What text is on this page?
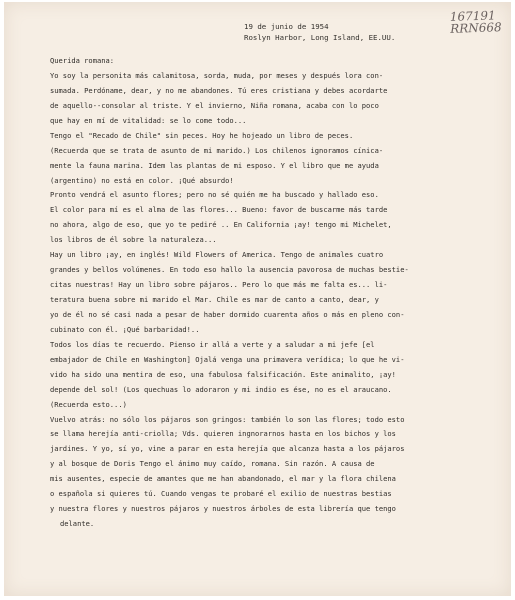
167191
RRN668
19 de junio de 1954
Roslyn Harbor, Long Island, EE.UU.
Querida romana:
Yo soy la personita más calamitosa, sorda, muda, por meses y después lora con-
sumada. Perdóname, dear, y no me abandones. Tú eres cristiana y debes acordarte
de aquello--consolar al triste. Y el invierno, Niña romana, acaba con lo poco
que hay en mí de vitalidad: se lo come todo...
Tengo el "Recado de Chile" sin peces. Hoy he hojeado un libro de peces.
(Recuerda que se trata de asunto de mi marido.) Los chilenos ignoramos cínica-
mente la fauna marina. Idem las plantas de mi esposo. Y el libro que me ayuda
(argentino) no está en color. ¡Qué absurdo!
Pronto vendrá el asunto flores; pero no sé quién me ha buscado y hallado eso.
El color para mí es el alma de las flores... Bueno: favor de buscarme más tarde
no ahora, algo de eso, que yo te pediré .. En California ¡ay! tengo mi Michelet,
los libros de él sobre la naturaleza...
Hay un libro ¡ay, en inglés! Wild Flowers of America. Tengo de animales cuatro
grandes y bellos volúmenes. En todo eso hallo la ausencia pavorosa de muchas bestie-
citas nuestras! Hay un libro sobre pájaros.. Pero lo que más me falta es... li-
teratura buena sobre mi marido el Mar. Chile es mar de canto a canto, dear, y
yo de él no sé casi nada a pesar de haber dormido cuarenta años o más en pleno con-
cubinato con él. ¡Qué barbaridad!..
Todos los días te recuerdo. Pienso ir allá a verte y a saludar a mi jefe [el
embajador de Chile en Washington] Ojalá venga una primavera verídica; lo que he vi-
vido ha sido una mentira de eso, una fabulosa falsificación. Este animalito, ¡ay!
depende del sol! (Los quechuas lo adoraron y mi indio es ése, no es el araucano.
(Recuerda esto...)
Vuelvo atrás: no sólo los pájaros son gringos: también lo son las flores; todo esto
se llama herejía anti-criolla; Vds. quieren ingnorarnos hasta en los bichos y los
jardines. Y yo, sí yo, vine a parar en esta herejía que alcanza hasta a los pájaros
y al bosque de Doris Tengo el ánimo muy caído, romana. Sin razón. A causa de
mis ausentes, especie de amantes que me han abandonado, el mar y la flora chilena
o española si quieres tú. Cuando vengas te probaré el exilio de nuestras bestias
y nuestra flores y nuestros pájaros y nuestros árboles de esta librería que tengo
delante.
